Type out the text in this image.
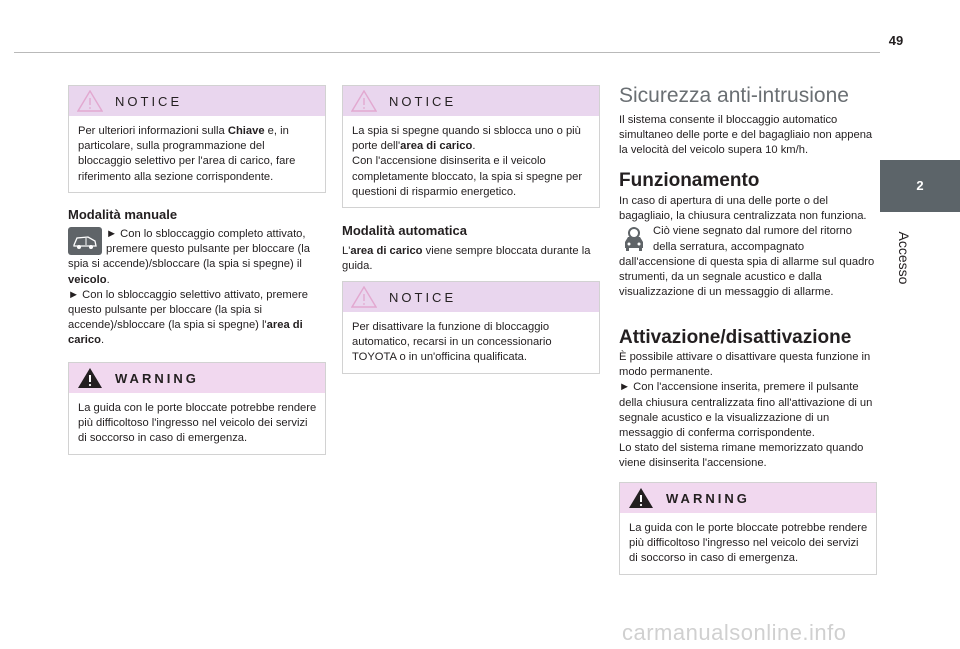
49
2
Accesso
NOTICE
Per ulteriori informazioni sulla Chiave e, in particolare, sulla programmazione del bloccaggio selettivo per l'area di carico, fare riferimento alla sezione corrispondente.
Modalità manuale

► Con lo sbloccaggio completo attivato, premere questo pulsante per bloccare (la spia si accende)/sbloccare (la spia si spegne) il veicolo.

► Con lo sbloccaggio selettivo attivato, premere questo pulsante per bloccare (la spia si accende)/sbloccare (la spia si spegne) l'area di carico.

WARNING
La guida con le porte bloccate potrebbe rendere più difficoltoso l'ingresso nel veicolo dei servizi di soccorso in caso di emergenza.
NOTICE
La spia si spegne quando si sblocca uno o più porte dell'area di carico.
Con l'accensione disinserita e il veicolo completamente bloccato, la spia si spegne per questioni di risparmio energetico.
Modalità automatica

L'area di carico viene sempre bloccata durante la guida.

NOTICE
Per disattivare la funzione di bloccaggio automatico, recarsi in un concessionario TOYOTA o in un'officina qualificata.
Sicurezza anti-intrusione
Il sistema consente il bloccaggio automatico simultaneo delle porte e del bagagliaio non appena la velocità del veicolo supera 10 km/h.
Funzionamento

In caso di apertura di una delle porte o del bagagliaio, la chiusura centralizzata non funziona.

Ciò viene segnato dal rumore del ritorno della serratura, accompagnato dall'accensione di questa spia di allarme sul quadro strumenti, da un segnale acustico e dalla visualizzazione di un messaggio di allarme.

Attivazione/disattivazione

È possibile attivare o disattivare questa funzione in modo permanente.

► Con l'accensione inserita, premere il pulsante della chiusura centralizzata fino all'attivazione di un segnale acustico e la visualizzazione di un messaggio di conferma corrispondente.

Lo stato del sistema rimane memorizzato quando viene disinserita l'accensione.

WARNING
La guida con le porte bloccate potrebbe rendere più difficoltoso l'ingresso nel veicolo dei servizi di soccorso in caso di emergenza.
carmanualsonline.info
